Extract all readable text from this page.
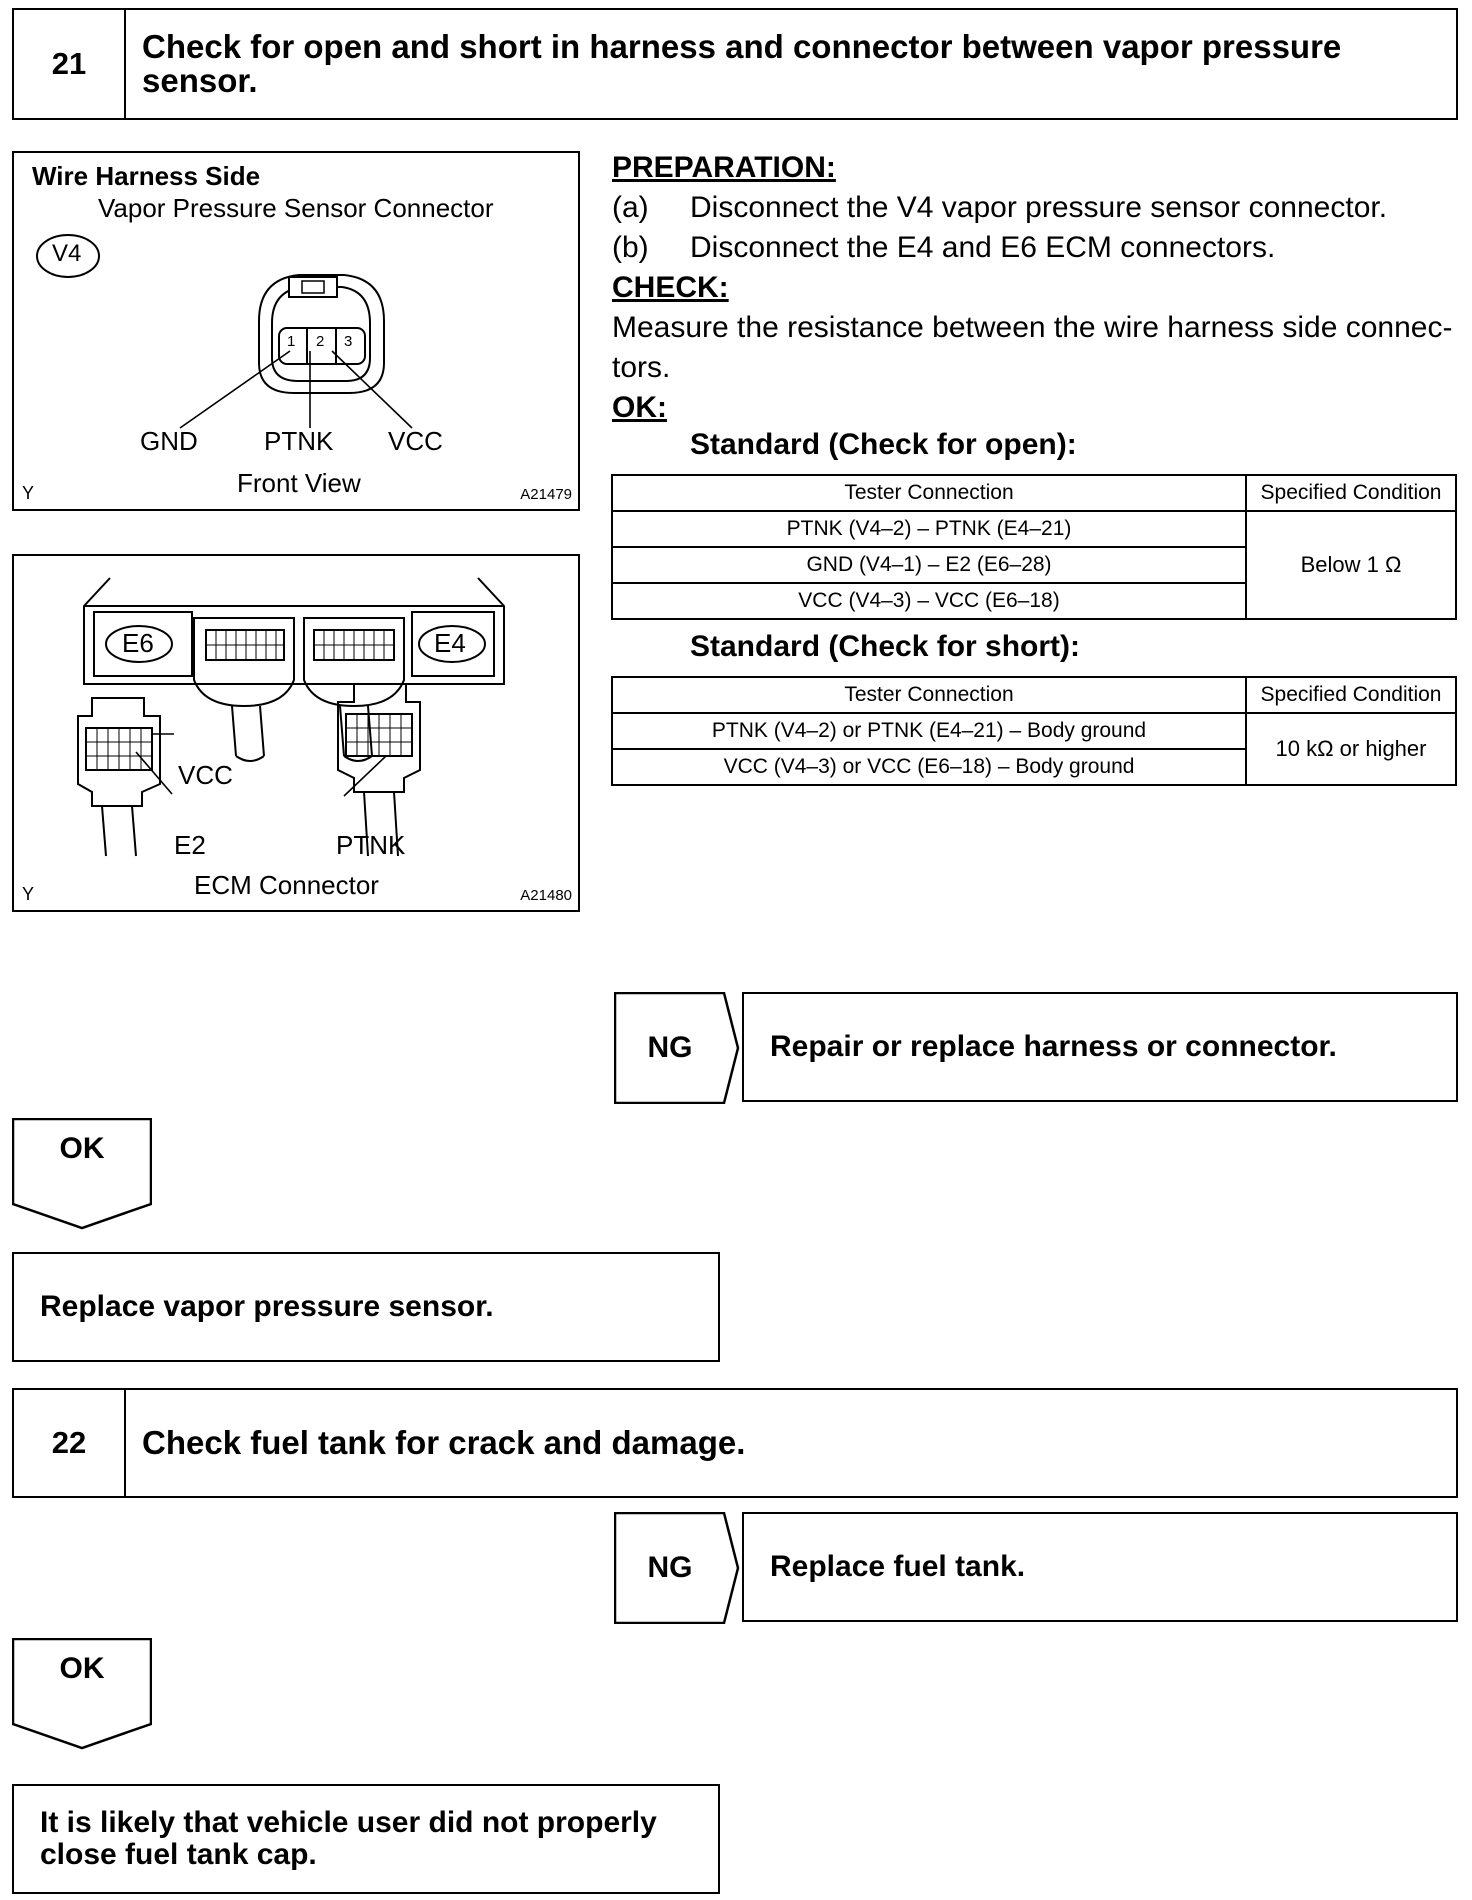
21	Check for open and short in harness and connector between vapor pressure sensor.
Wire Harness Side
Vapor Pressure Sensor Connector
V4
1 2 3
GND	PTNK VCC
Front View
Y	A21479
E6	E4
VCC
E2	PTNK
ECM Connector
Y	A21480
PREPARATION:
(a)	Disconnect the V4 vapor pressure sensor connector.
(b)	Disconnect the E4 and E6 ECM connectors.
CHECK:
Measure the resistance between the wire harness side connec-
tors.
OK:
Standard (Check for open):
Tester Connection	Specified Condition
PTNK (V4–2) – PTNK (E4–21)	Below 1 Ω
GND (V4–1) – E2 (E6–28)	
VCC (V4–3) – VCC (E6–18)	
Standard (Check for short):
Tester Connection	Specified Condition
PTNK (V4–2) or PTNK (E4–21) – Body ground	10 kΩ or higher
VCC (V4–3) or VCC (E6–18) – Body ground	
NG	Repair or replace harness or connector.
OK
Replace vapor pressure sensor.
22	Check fuel tank for crack and damage.
NG	Replace fuel tank.
OK
It is likely that vehicle user did not properly
close fuel tank cap.
